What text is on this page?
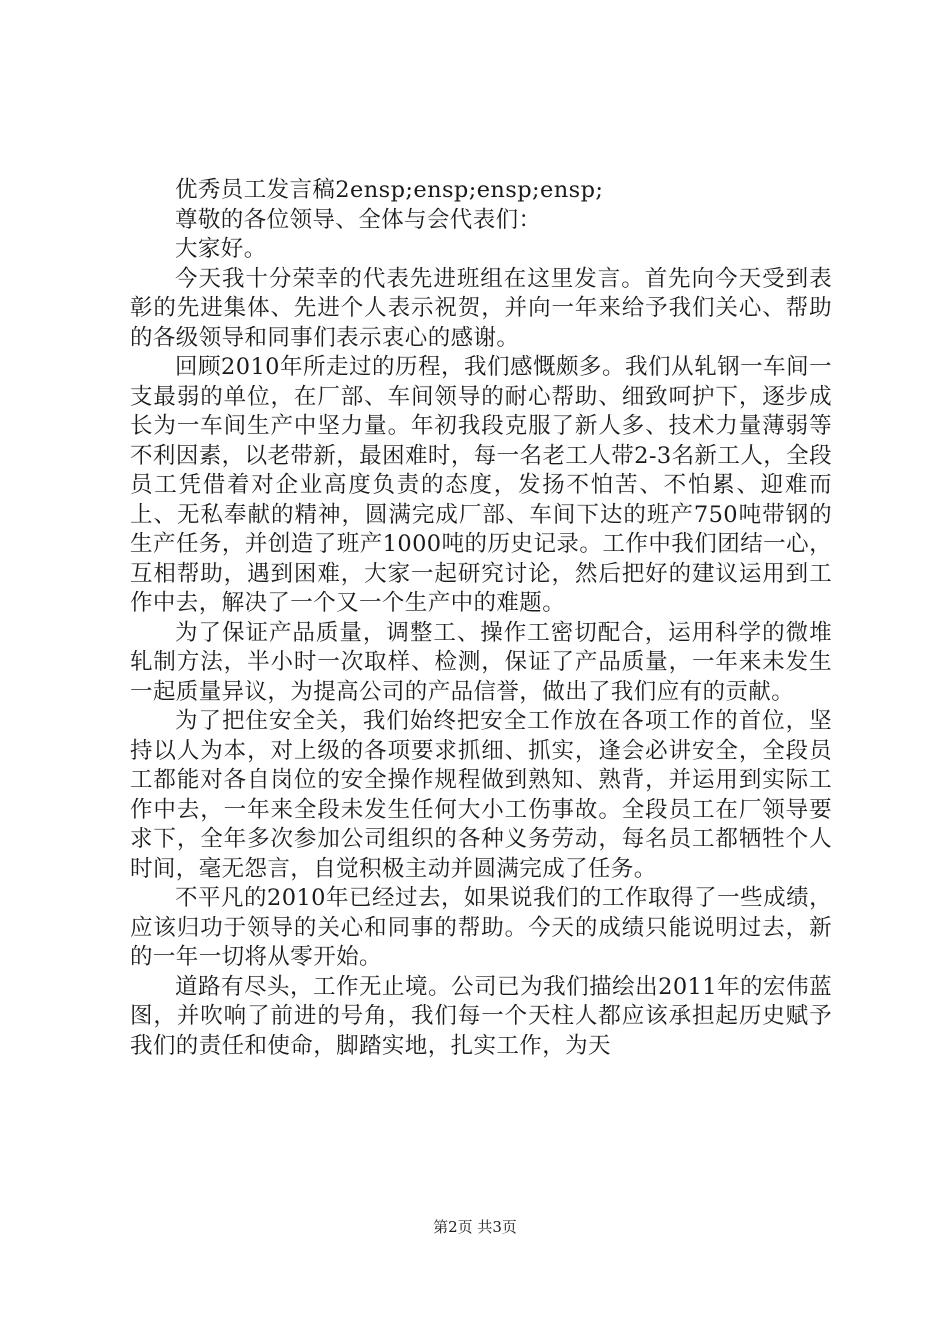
优秀员工发言稿2ensp;ensp;ensp;ensp;

尊敬的各位领导、全体与会代表们：

大家好。

今天我十分荣幸的代表先进班组在这里发言。首先向今天受到表彰的先进集体、先进个人表示祝贺，并向一年来给予我们关心、帮助的各级领导和同事们表示衷心的感谢。

回顾2010年所走过的历程，我们感慨颇多。我们从轧钢一车间一支最弱的单位，在厂部、车间领导的耐心帮助、细致呵护下，逐步成长为一车间生产中坚力量。年初我段克服了新人多、技术力量薄弱等不利因素，以老带新，最困难时，每一名老工人带2-3名新工人，全段员工凭借着对企业高度负责的态度，发扬不怕苦、不怕累、迎难而上、无私奉献的精神，圆满完成厂部、车间下达的班产750吨带钢的生产任务，并创造了班产1000吨的历史记录。工作中我们团结一心，互相帮助，遇到困难，大家一起研究讨论，然后把好的建议运用到工作中去，解决了一个又一个生产中的难题。

为了保证产品质量，调整工、操作工密切配合，运用科学的微堆轧制方法，半小时一次取样、检测，保证了产品质量，一年来未发生一起质量异议，为提高公司的产品信誉，做出了我们应有的贡献。

为了把住安全关，我们始终把安全工作放在各项工作的首位，坚持以人为本，对上级的各项要求抓细、抓实，逢会必讲安全，全段员工都能对各自岗位的安全操作规程做到熟知、熟背，并运用到实际工作中去，一年来全段未发生任何大小工伤事故。全段员工在厂领导要求下，全年多次参加公司组织的各种义务劳动，每名员工都牺牲个人时间，毫无怨言，自觉积极主动并圆满完成了任务。

不平凡的2010年已经过去，如果说我们的工作取得了一些成绩，应该归功于领导的关心和同事的帮助。今天的成绩只能说明过去，新的一年一切将从零开始。

道路有尽头，工作无止境。公司已为我们描绘出2011年的宏伟蓝图，并吹响了前进的号角，我们每一个天柱人都应该承担起历史赋予我们的责任和使命，脚踏实地，扎实工作，为天

第2页 共3页
